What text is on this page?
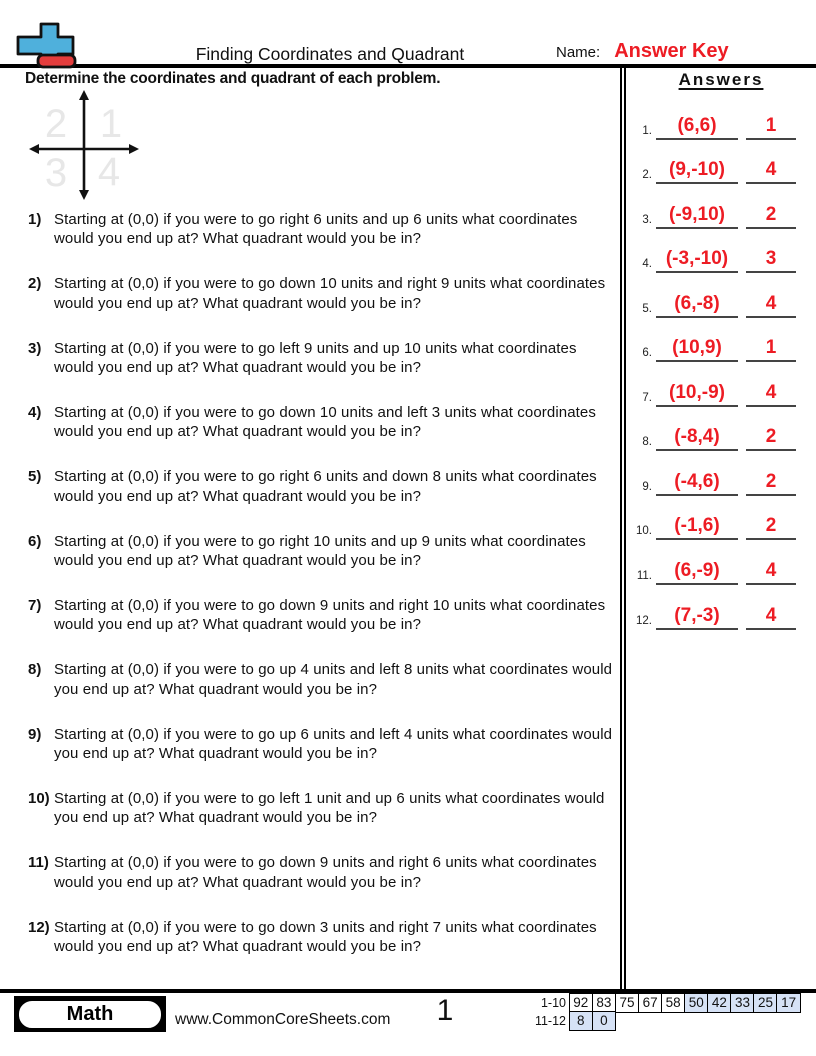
Finding Coordinates and Quadrant	Name: Answer Key
Determine the coordinates and quadrant of each problem.
2 1
3 4
1) Starting at (0,0) if you were to go right 6 units and up 6 units what coordinates would you end up at? What quadrant would you be in?
2) Starting at (0,0) if you were to go down 10 units and right 9 units what coordinates would you end up at? What quadrant would you be in?
3) Starting at (0,0) if you were to go left 9 units and up 10 units what coordinates would you end up at? What quadrant would you be in?
4) Starting at (0,0) if you were to go down 10 units and left 3 units what coordinates would you end up at? What quadrant would you be in?
5) Starting at (0,0) if you were to go right 6 units and down 8 units what coordinates would you end up at? What quadrant would you be in?
6) Starting at (0,0) if you were to go right 10 units and up 9 units what coordinates would you end up at? What quadrant would you be in?
7) Starting at (0,0) if you were to go down 9 units and right 10 units what coordinates would you end up at? What quadrant would you be in?
8) Starting at (0,0) if you were to go up 4 units and left 8 units what coordinates would you end up at? What quadrant would you be in?
9) Starting at (0,0) if you were to go up 6 units and left 4 units what coordinates would you end up at? What quadrant would you be in?
10) Starting at (0,0) if you were to go left 1 unit and up 6 units what coordinates would you end up at? What quadrant would you be in?
11) Starting at (0,0) if you were to go down 9 units and right 6 units what coordinates would you end up at? What quadrant would you be in?
12) Starting at (0,0) if you were to go down 3 units and right 7 units what coordinates would you end up at? What quadrant would you be in?
Answers
1.	(6,6)	1
2. (9,-10)	4
3. (-9,10)	2
4. (-3,-10)	3
5.	(6,-8)	4
6.	(10,9)	1
7. (10,-9)	4
8.	(-8,4)	2
9.	(-4,6)	2
10.	(-1,6)	2
11.	(6,-9)	4
12.	(7,-3)	4
Math	www.CommonCoreSheets.com	1	1-10 92 83 75 67 58 50 42 33 25 17
11-12 8	0
